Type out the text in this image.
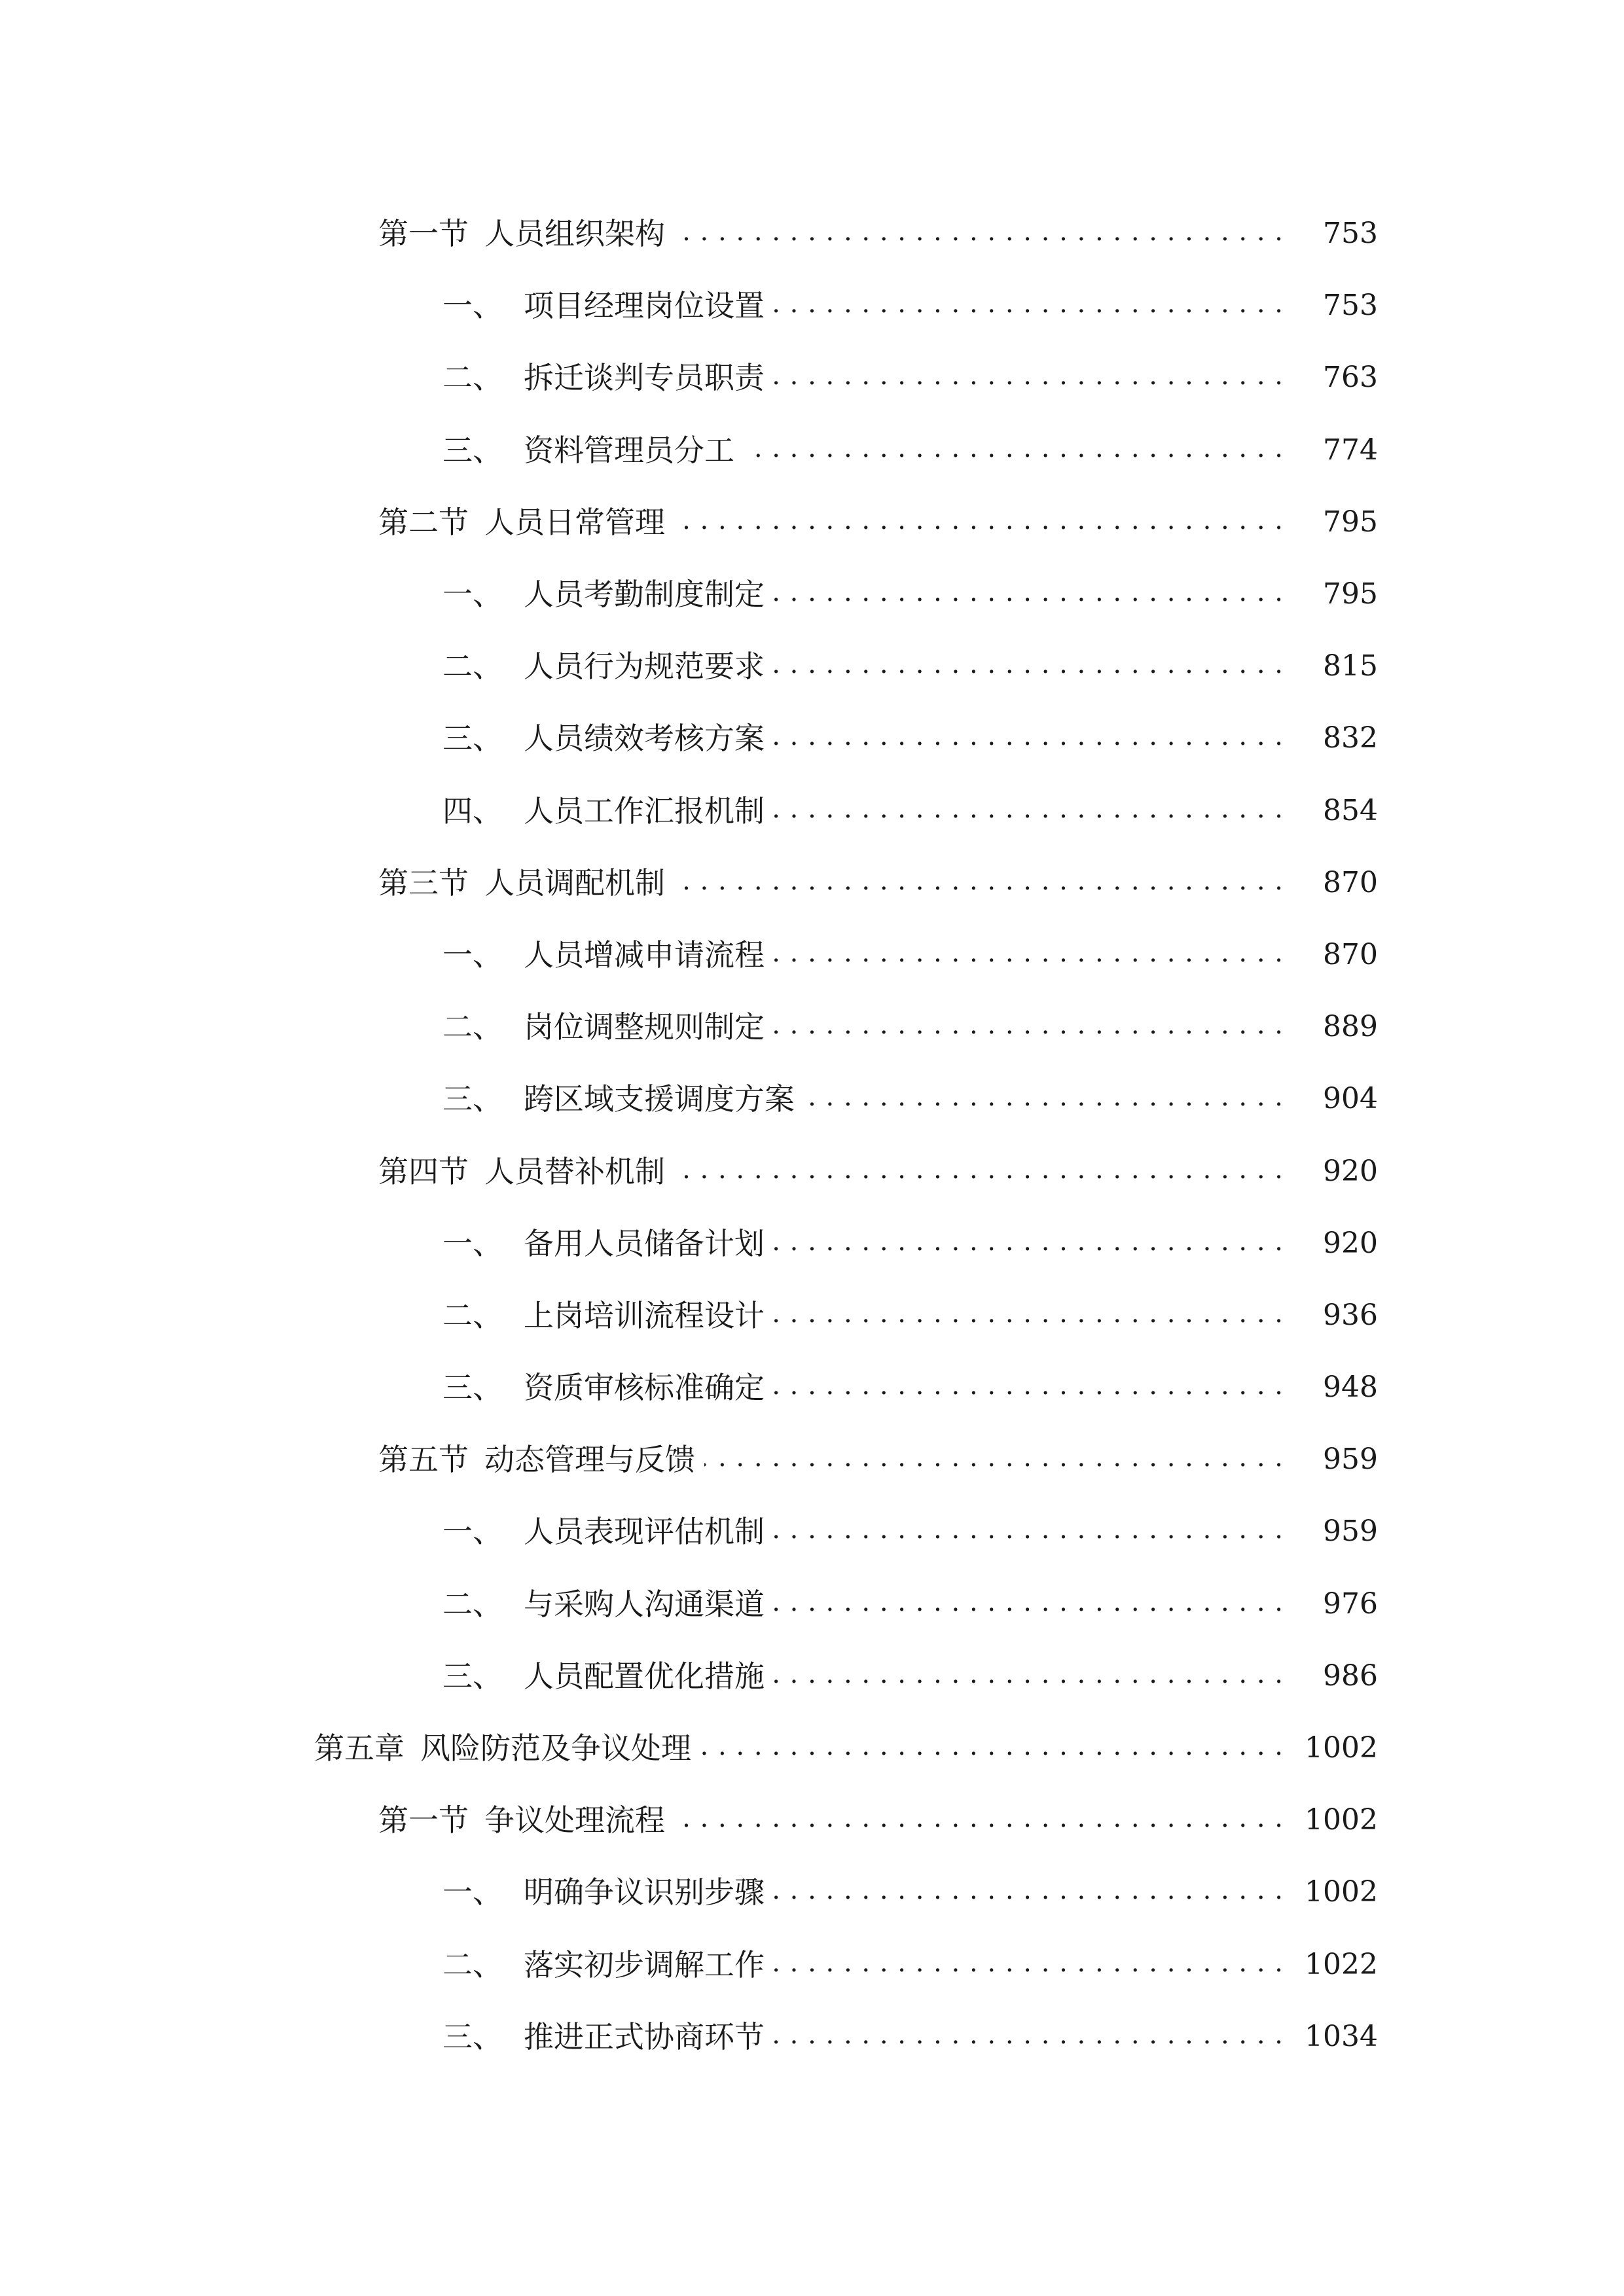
第一节 人员组织架构 . . .	753
一、 项目经理岗位设置 . . .	753
二、 拆迁谈判专员职责 . . .	763
三、 资料管理员分工 . . .	774
第二节 人员日常管理 . . .	795
一、 人员考勤制度制定 . . .	795
二、 人员行为规范要求 . . .	815
三、 人员绩效考核方案 . . .	832
四、 人员工作汇报机制 . . .	854
第三节 人员调配机制 . . .	870
一、 人员增减申请流程 . . .	870
二、 岗位调整规则制定 . . .	889
三、 跨区域支援调度方案 . . .	904
第四节 人员替补机制 . . .	920
一、 备用人员储备计划 . . .	920
二、 上岗培训流程设计 . . .	936
三、 资质审核标准确定 . . .	948
第五节 动态管理与反馈 . . .	959
一、 人员表现评估机制 . . .	959
二、 与采购人沟通渠道 . . .	976
三、 人员配置优化措施 . . .	986
第五章 风险防范及争议处理 . . .	1002
第一节 争议处理流程 . . .	1002
一、 明确争议识别步骤 . . .	1002
二、 落实初步调解工作 . . .	1022
三、 推进正式协商环节 . . .	1034
